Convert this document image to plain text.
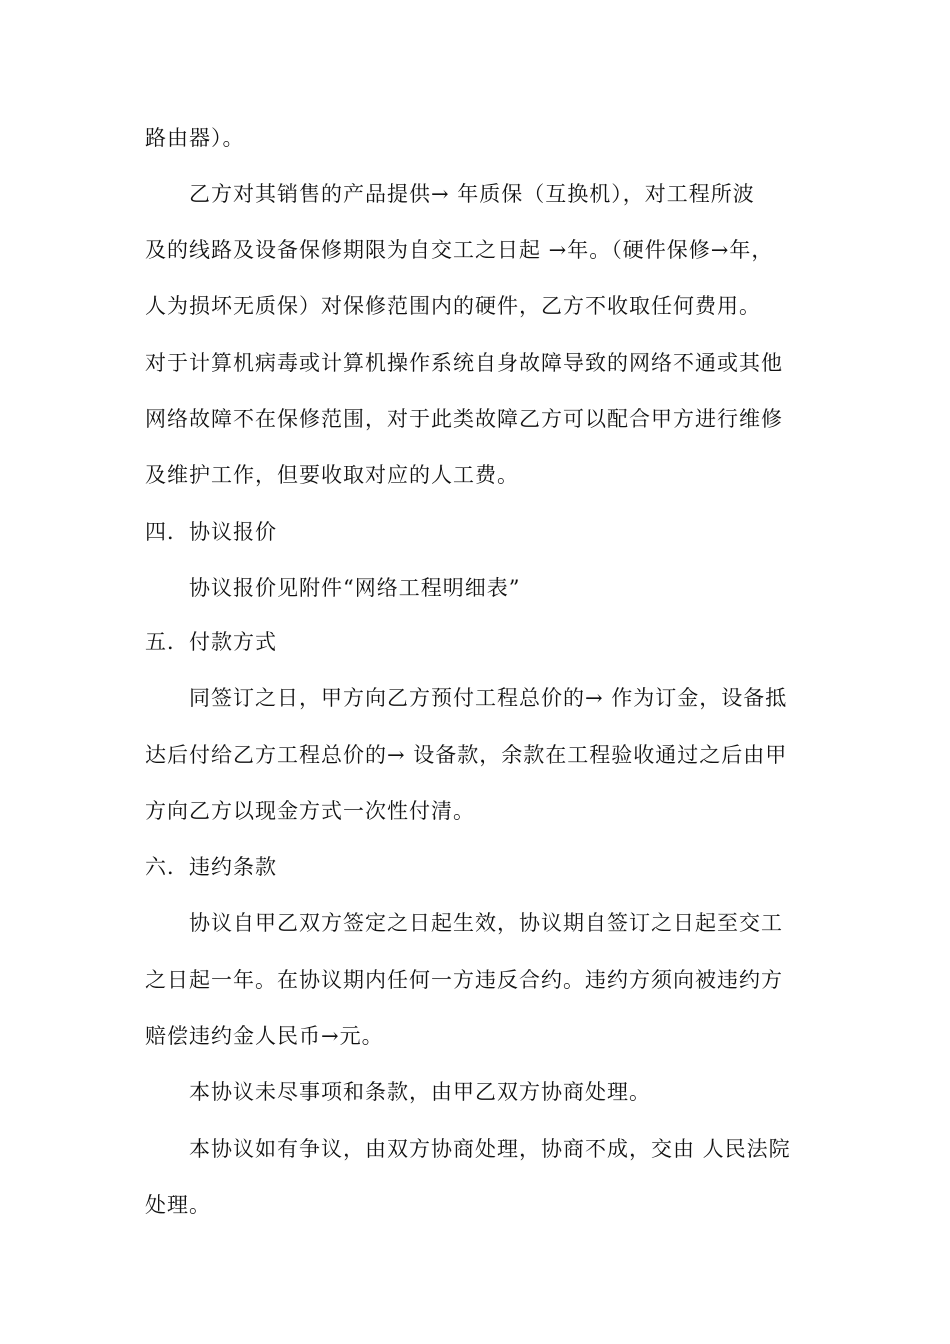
路由器）。
乙方对其销售的产品提供→ 年质保（互换机），对工程所波
及的线路及设备保修期限为自交工之日起 →年。（硬件保修→年，
人为损坏无质保）对保修范围内的硬件，乙方不收取任何费用。
对于计算机病毒或计算机操作系统自身故障导致的网络不通或其他
网络故障不在保修范围，对于此类故障乙方可以配合甲方进行维修
及维护工作，但要收取对应的人工费。
四．协议报价
协议报价见附件“网络工程明细表”
五．付款方式
同签订之日，甲方向乙方预付工程总价的→ 作为订金，设备抵
达后付给乙方工程总价的→ 设备款，余款在工程验收通过之后由甲
方向乙方以现金方式一次性付清。
六．违约条款
协议自甲乙双方签定之日起生效，协议期自签订之日起至交工
之日起一年。在协议期内任何一方违反合约。违约方须向被违约方
赔偿违约金人民币→元。
本协议未尽事项和条款，由甲乙双方协商处理。
本协议如有争议，由双方协商处理，协商不成，交由 人民法院
处理。
